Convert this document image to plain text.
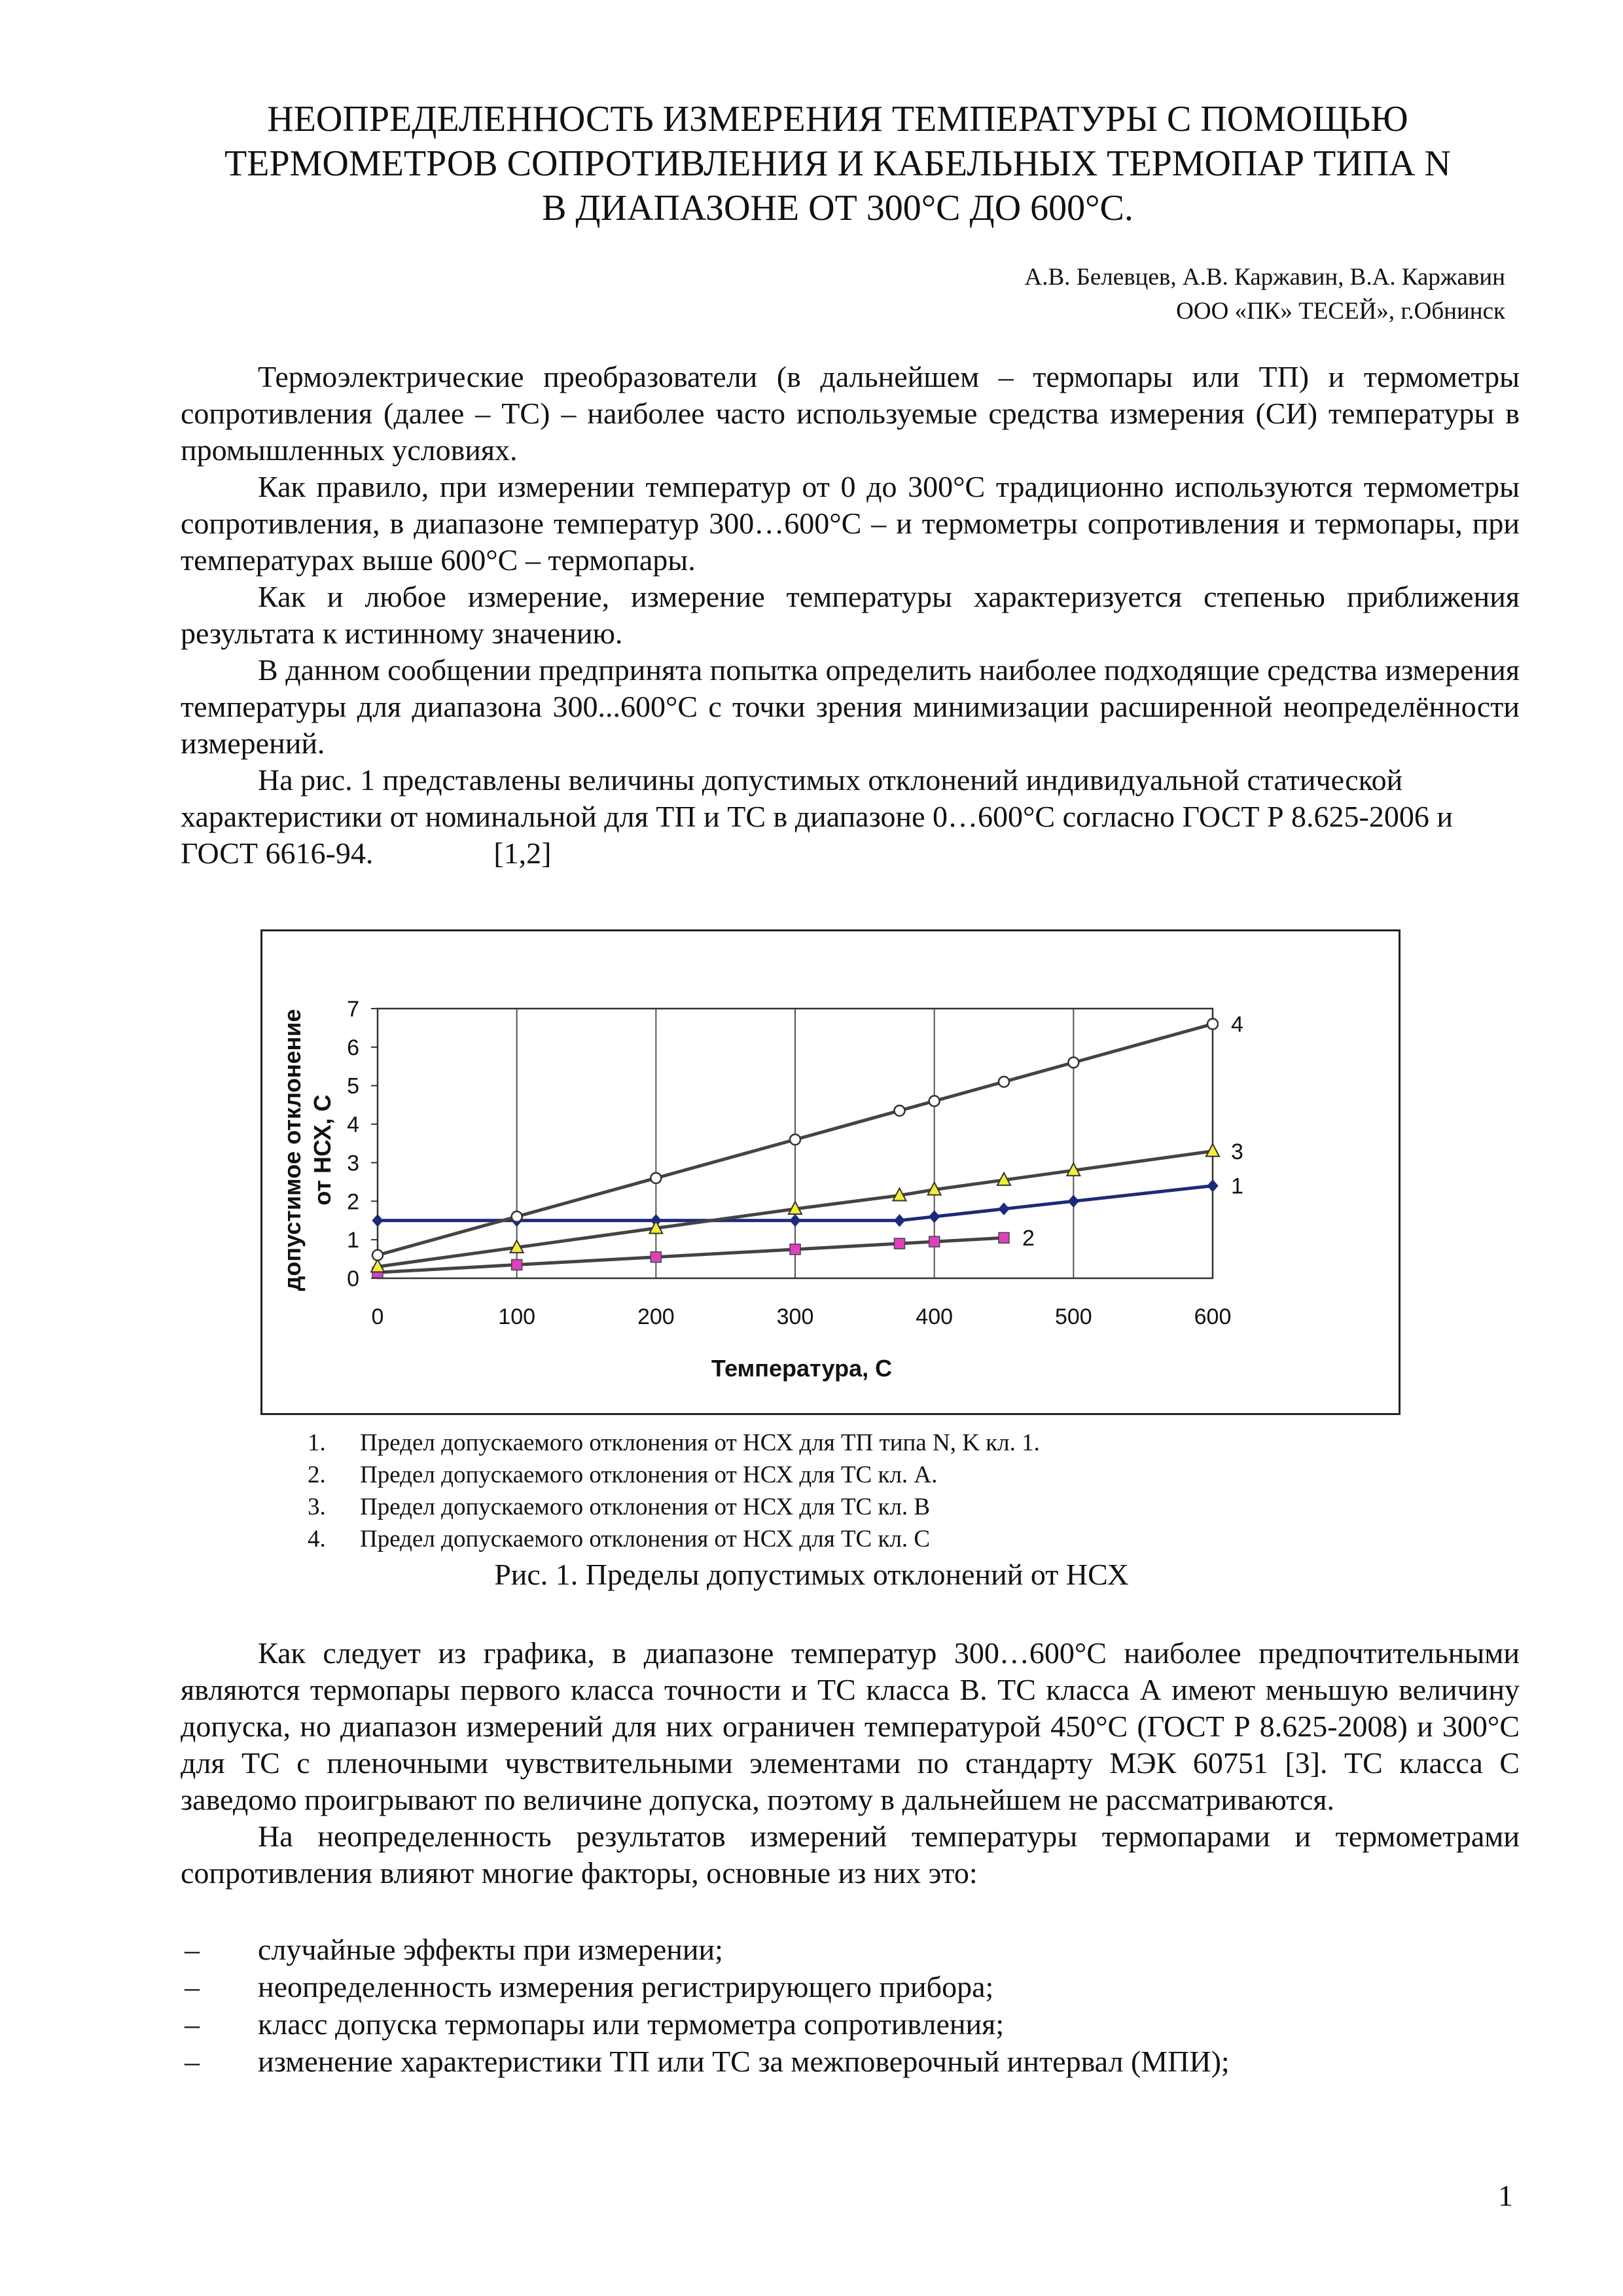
НЕОПРЕДЕЛЕННОСТЬ ИЗМЕРЕНИЯ ТЕМПЕРАТУРЫ С ПОМОЩЬЮ
ТЕРМОМЕТРОВ СОПРОТИВЛЕНИЯ И КАБЕЛЬНЫХ ТЕРМОПАР ТИПА N
В ДИАПАЗОНЕ ОТ 300°С ДО 600°С.
А.В. Белевцев, А.В. Каржавин, В.А. Каржавин
ООО «ПК» ТЕСЕЙ», г.Обнинск

Термоэлектрические преобразователи (в дальнейшем – термопары или ТП) и термометры сопротивления (далее – ТС) – наиболее часто используемые средства измерения (СИ) температуры в промышленных условиях.

Как правило, при измерении температур от 0 до 300°С традиционно используются термометры сопротивления, в диапазоне температур 300…600°С – и термометры сопротивления и термопары, при температурах выше 600°С – термопары.

Как и любое измерение, измерение температуры характеризуется степенью приближения результата к истинному значению.

В данном сообщении предпринята попытка определить наиболее подходящие средства измерения температуры для диапазона 300...600°С с точки зрения минимизации расширенной неопределённости измерений.

На рис. 1 представлены величины допустимых отклонений индивидуальной статической характеристики от номинальной для ТП и ТС в диапазоне 0…600°С согласно ГОСТ Р 8.625-2006 и ГОСТ 6616-94.                [1,2]

0
1
2
3
4
5
6
7
0	100	200	300	400	500	600
Температура, С
допустимое отклонение от НСХ, С	1
2
3
4
1.	Предел допускаемого отклонения от НСХ для ТП типа N, K кл. 1.
2.	Предел допускаемого отклонения от НСХ для ТС кл. А.
3.	Предел допускаемого отклонения от НСХ для ТС кл. В
4.	Предел допускаемого отклонения от НСХ для ТС кл. С
Рис. 1. Пределы допустимых отклонений от НСХ

Как следует из графика, в диапазоне температур 300…600°С наиболее предпочтительными являются термопары первого класса точности и ТС класса В. ТС класса А имеют меньшую величину допуска, но диапазон измерений для них ограничен температурой 450°С (ГОСТ Р 8.625-2008) и 300°С для ТС с пленочными чувствительными элементами по стандарту МЭК 60751 [3]. ТС класса С заведомо проигрывают по величине допуска, поэтому в дальнейшем не рассматриваются.

На неопределенность результатов измерений температуры термопарами и термометрами сопротивления влияют многие факторы, основные из них это:

–	случайные эффекты при измерении;
–	неопределенность измерения регистрирующего прибора;
–	класс допуска термопары или термометра сопротивления;
–	изменение характеристики ТП или ТС за межповерочный интервал (МПИ);
1
